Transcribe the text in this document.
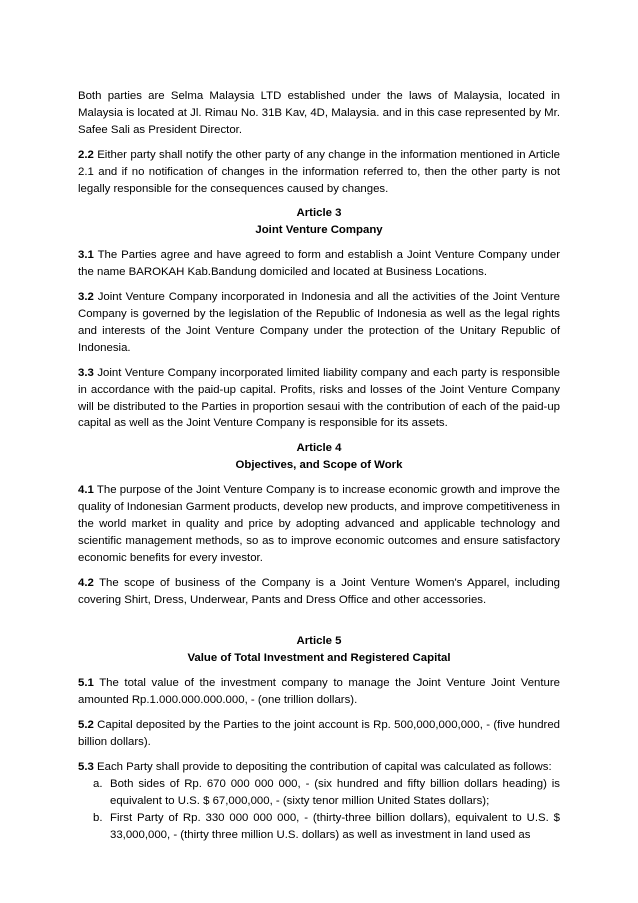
Both parties are Selma Malaysia LTD established under the laws of Malaysia, located in Malaysia is located at Jl. Rimau No. 31B Kav, 4D, Malaysia. and in this case represented by Mr. Safee Sali as President Director.

2.2 Either party shall notify the other party of any change in the information mentioned in Article 2.1 and if no notification of changes in the information referred to, then the other party is not legally responsible for the consequences caused by changes.

Article 3
Joint Venture Company

3.1 The Parties agree and have agreed to form and establish a Joint Venture Company under the name BAROKAH Kab.Bandung domiciled and located at Business Locations.

3.2 Joint Venture Company incorporated in Indonesia and all the activities of the Joint Venture Company is governed by the legislation of the Republic of Indonesia as well as the legal rights and interests of the Joint Venture Company under the protection of the Unitary Republic of Indonesia.

3.3 Joint Venture Company incorporated limited liability company and each party is responsible in accordance with the paid-up capital. Profits, risks and losses of the Joint Venture Company will be distributed to the Parties in proportion sesaui with the contribution of each of the paid-up capital as well as the Joint Venture Company is responsible for its assets.

Article 4
Objectives, and Scope of Work

4.1 The purpose of the Joint Venture Company is to increase economic growth and improve the quality of Indonesian Garment products, develop new products, and improve competitiveness in the world market in quality and price by adopting advanced and applicable technology and scientific management methods, so as to improve economic outcomes and ensure satisfactory economic benefits for every investor.

4.2 The scope of business of the Company is a Joint Venture Women's Apparel, including covering Shirt, Dress, Underwear, Pants and Dress Office and other accessories.

Article 5
Value of Total Investment and Registered Capital

5.1 The total value of the investment company to manage the Joint Venture Joint Venture amounted Rp.1.000.000.000.000, - (one trillion dollars).

5.2 Capital deposited by the Parties to the joint account is Rp. 500,000,000,000, - (five hundred billion dollars).

5.3 Each Party shall provide to depositing the contribution of capital was calculated as follows:

a. Both sides of Rp. 670 000 000 000, - (six hundred and fifty billion dollars heading) is equivalent to U.S. $ 67,000,000, - (sixty tenor million United States dollars);
b. First Party of Rp. 330 000 000 000, - (thirty-three billion dollars), equivalent to U.S. $ 33,000,000, - (thirty three million U.S. dollars) as well as investment in land used as
